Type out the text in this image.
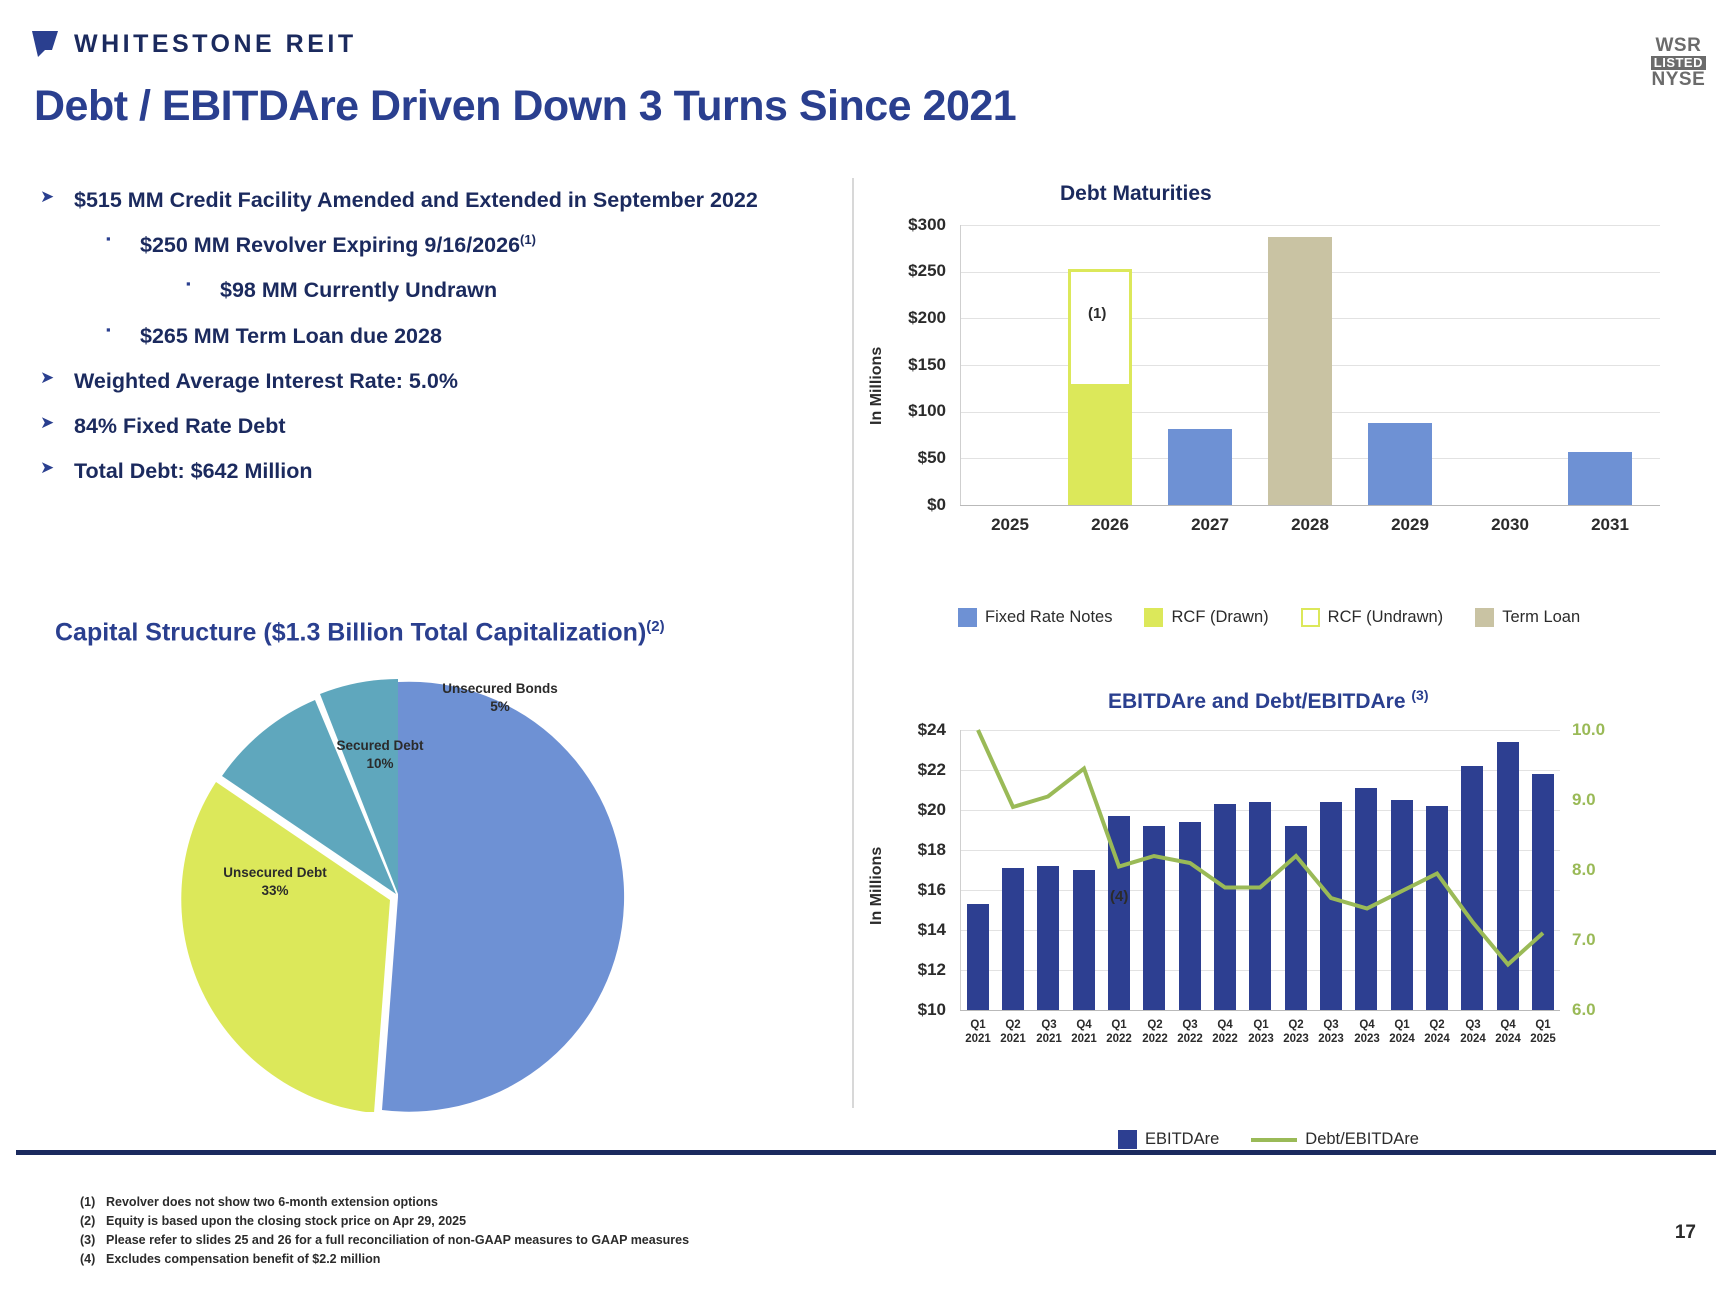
WHITESTONE REIT	WSR
LISTED
NYSE
Debt / EBITDAre Driven Down 3 Turns Since 2021
➤ $515 MM Credit Facility Amended and Extended in September 2022
▪	$250 MM Revolver Expiring 9/16/2026$^{(1)}$
▪	$98 MM Currently Undrawn
▪	$265 MM Term Loan due 2028
➤ Weighted Average Interest Rate: 5.0%
➤ 84% Fixed Rate Debt
➤ Total Debt: $642 Million
Capital Structure ($1.3 Billion Total Capitalization)$^{(2)}$
Unsecured Bonds
5%
Secured Debt
10%
Unsecured Debt
33%
Equity
52%
Debt Maturities
In Millions
$300
$250
$200
$150
$100
$50
$0
(1)
2025	2026	2027	2028	2029	2030	2031
Fixed Rate Notes	RCF (Drawn)	RCF (Undrawn)	Term Loan
EBITDAre and Debt/EBITDAre $^{(3)}$
In Millions
$24
$22
$20
$18
$16
$14
$12
$10
10.0
9.0
8.0
7.0
6.0
(4)
Q1
2021
Q2
2021
Q3
2021
Q4
2021
Q1
2022
Q2
2022
Q3
2022
Q4
2022
Q1
2023
Q2
2023
Q3
2023
Q4
2023
Q1
2024
Q2
2024
Q3
2024
Q4
2024
Q1
2025
EBITDAre	Debt/EBITDAre
(1) Revolver does not show two 6-month extension options
(2) Equity is based upon the closing stock price on Apr 29, 2025
(3) Please refer to slides 25 and 26 for a full reconciliation of non-GAAP measures to GAAP measures
(4) Excludes compensation benefit of $2.2 million
17
